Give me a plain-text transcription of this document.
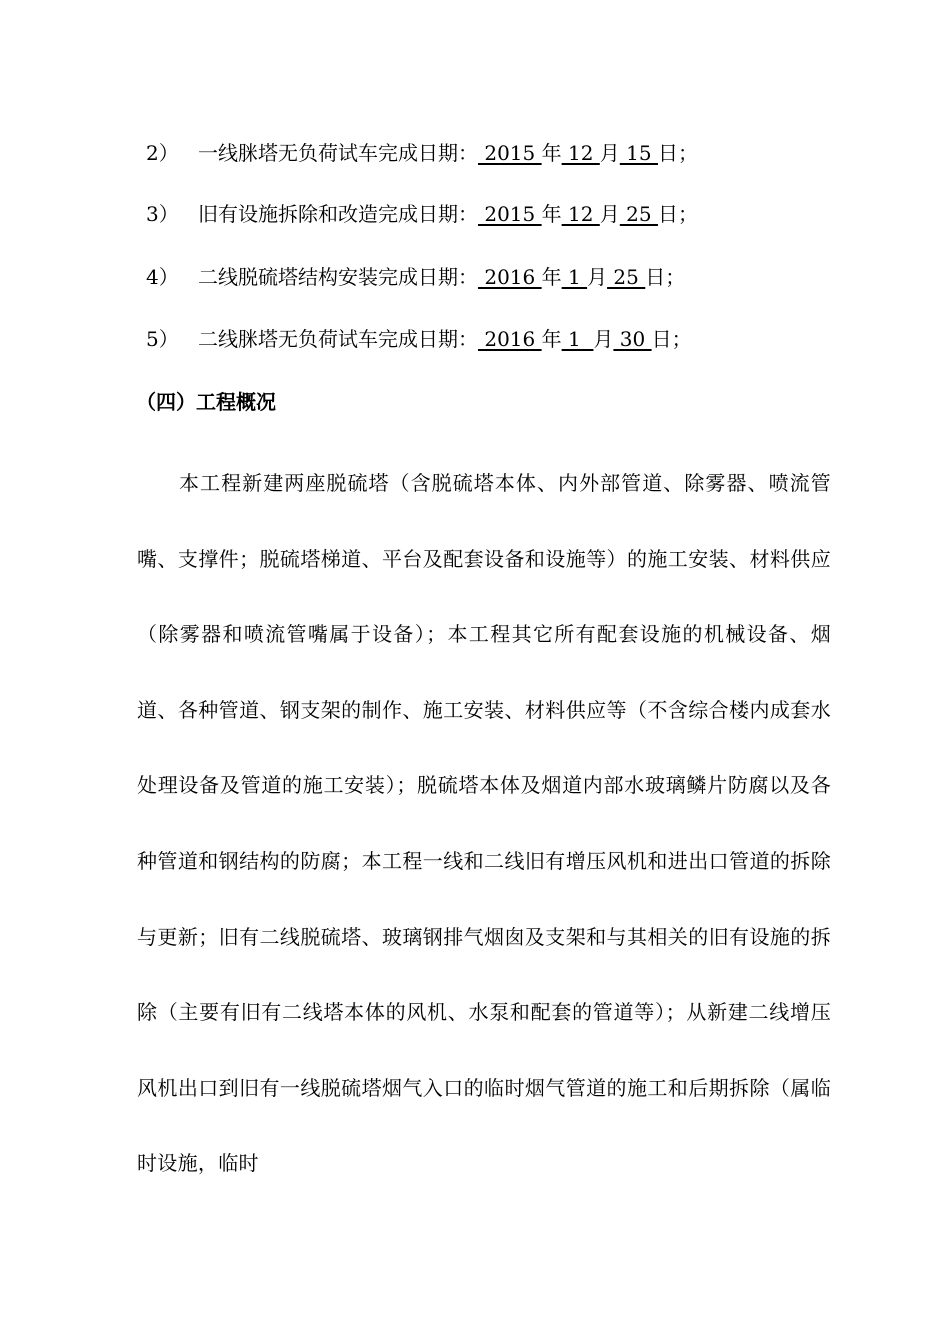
2） 一线脒塔无负荷试车完成日期： 2015 年 12 月 15 日；
3） 旧有设施拆除和改造完成日期： 2015 年 12 月 25 日；
4） 二线脱硫塔结构安装完成日期： 2016 年 1 月 25 日；
5） 二线脒塔无负荷试车完成日期： 2016 年 1  月 30 日；
（四）工程概况

本工程新建两座脱硫塔（含脱硫塔本体、内外部管道、除雾器、喷流管嘴、支撑件；脱硫塔梯道、平台及配套设备和设施等）的施工安装、材料供应（除雾器和喷流管嘴属于设备）；本工程其它所有配套设施的机械设备、烟道、各种管道、钢支架的制作、施工安装、材料供应等（不含综合楼内成套水处理设备及管道的施工安装）；脱硫塔本体及烟道内部水玻璃鳞片防腐以及各种管道和钢结构的防腐；本工程一线和二线旧有增压风机和进出口管道的拆除与更新；旧有二线脱硫塔、玻璃钢排气烟囱及支架和与其相关的旧有设施的拆除（主要有旧有二线塔本体的风机、水泵和配套的管道等）；从新建二线增压风机出口到旧有一线脱硫塔烟气入口的临时烟气管道的施工和后期拆除（属临时设施，临时
